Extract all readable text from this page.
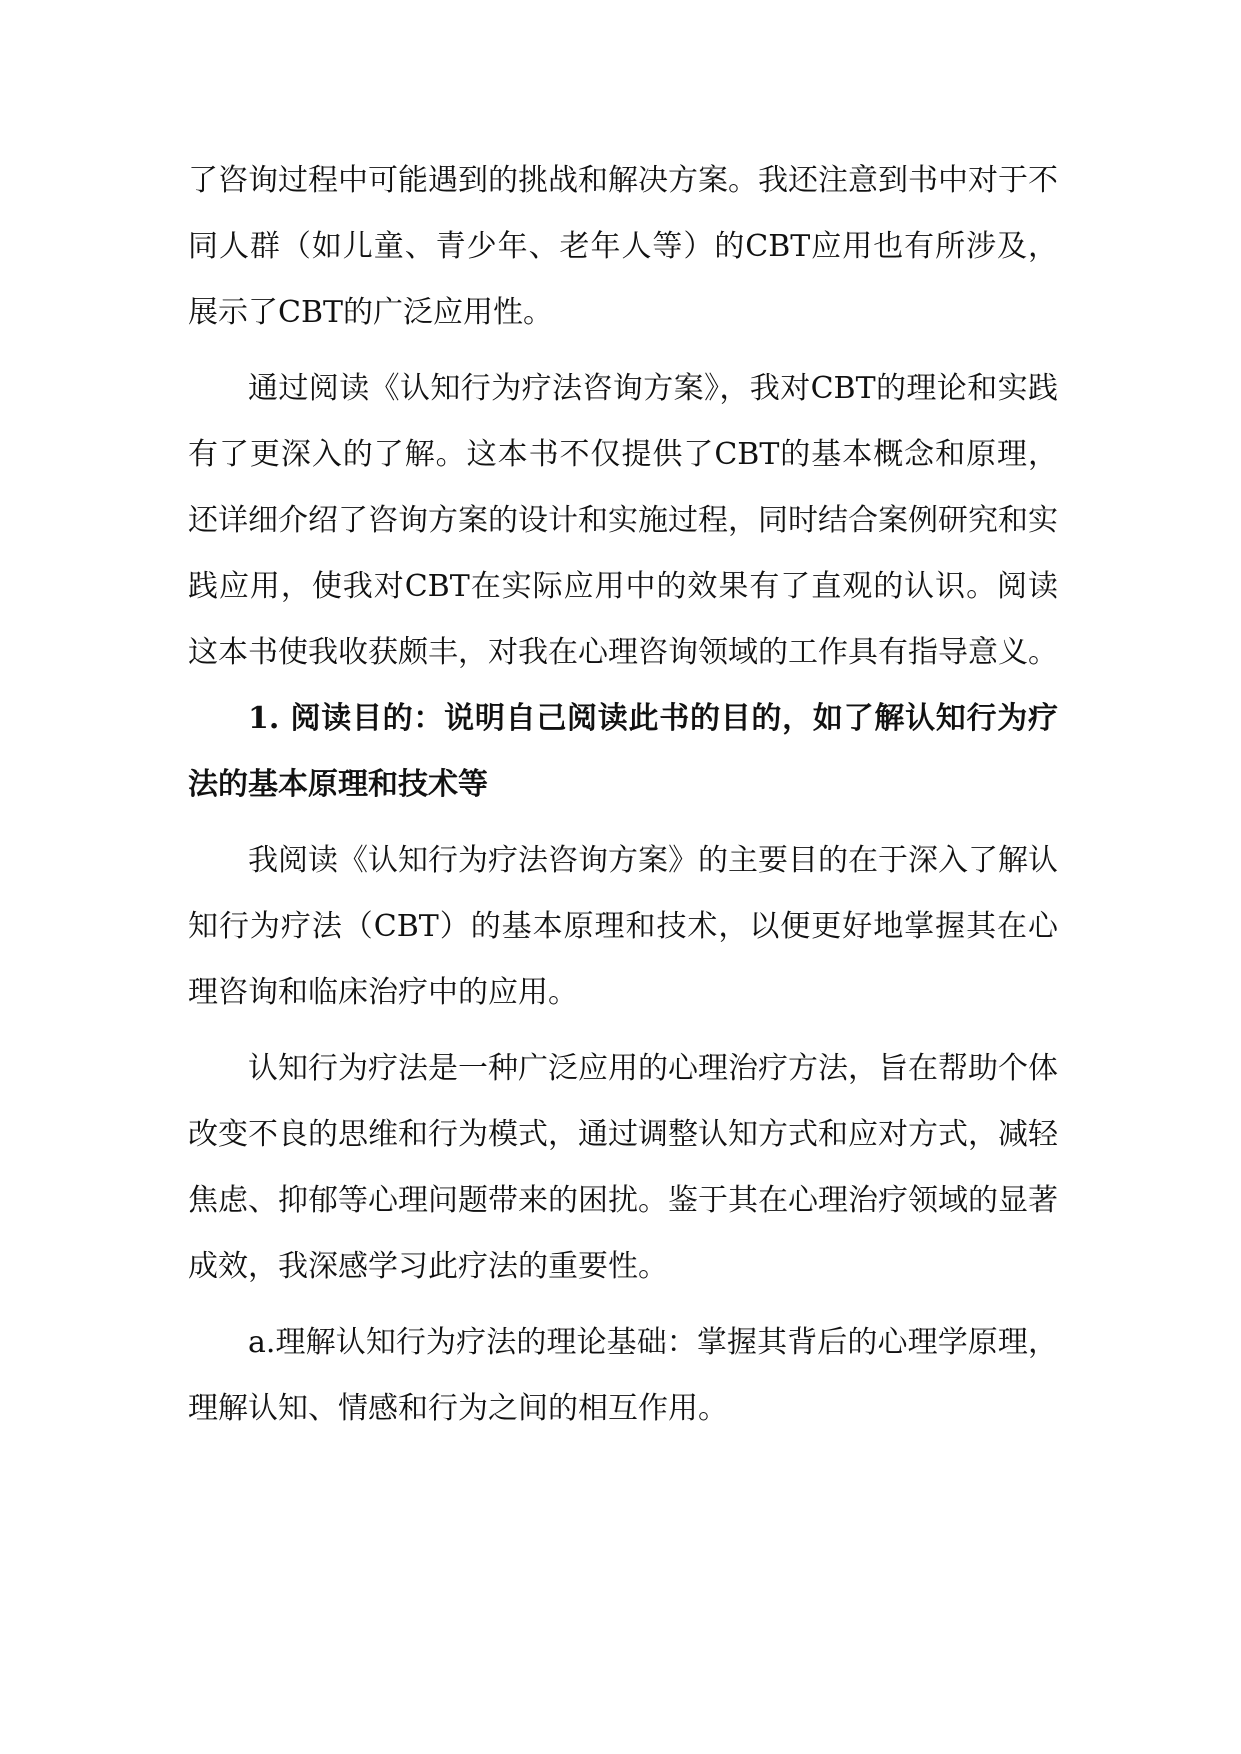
了咨询过程中可能遇到的挑战和解决方案。我还注意到书中对于不同人群（如儿童、青少年、老年人等）的CBT应用也有所涉及，展示了CBT的广泛应用性。

通过阅读《认知行为疗法咨询方案》，我对CBT的理论和实践有了更深入的了解。这本书不仅提供了CBT的基本概念和原理，还详细介绍了咨询方案的设计和实施过程，同时结合案例研究和实践应用，使我对CBT在实际应用中的效果有了直观的认识。阅读这本书使我收获颇丰，对我在心理咨询领域的工作具有指导意义。

1. 阅读目的：说明自己阅读此书的目的，如了解认知行为疗法的基本原理和技术等

我阅读《认知行为疗法咨询方案》的主要目的在于深入了解认知行为疗法（CBT）的基本原理和技术，以便更好地掌握其在心理咨询和临床治疗中的应用。

认知行为疗法是一种广泛应用的心理治疗方法，旨在帮助个体改变不良的思维和行为模式，通过调整认知方式和应对方式，减轻焦虑、抑郁等心理问题带来的困扰。鉴于其在心理治疗领域的显著成效，我深感学习此疗法的重要性。

a.理解认知行为疗法的理论基础：掌握其背后的心理学原理，理解认知、情感和行为之间的相互作用。
